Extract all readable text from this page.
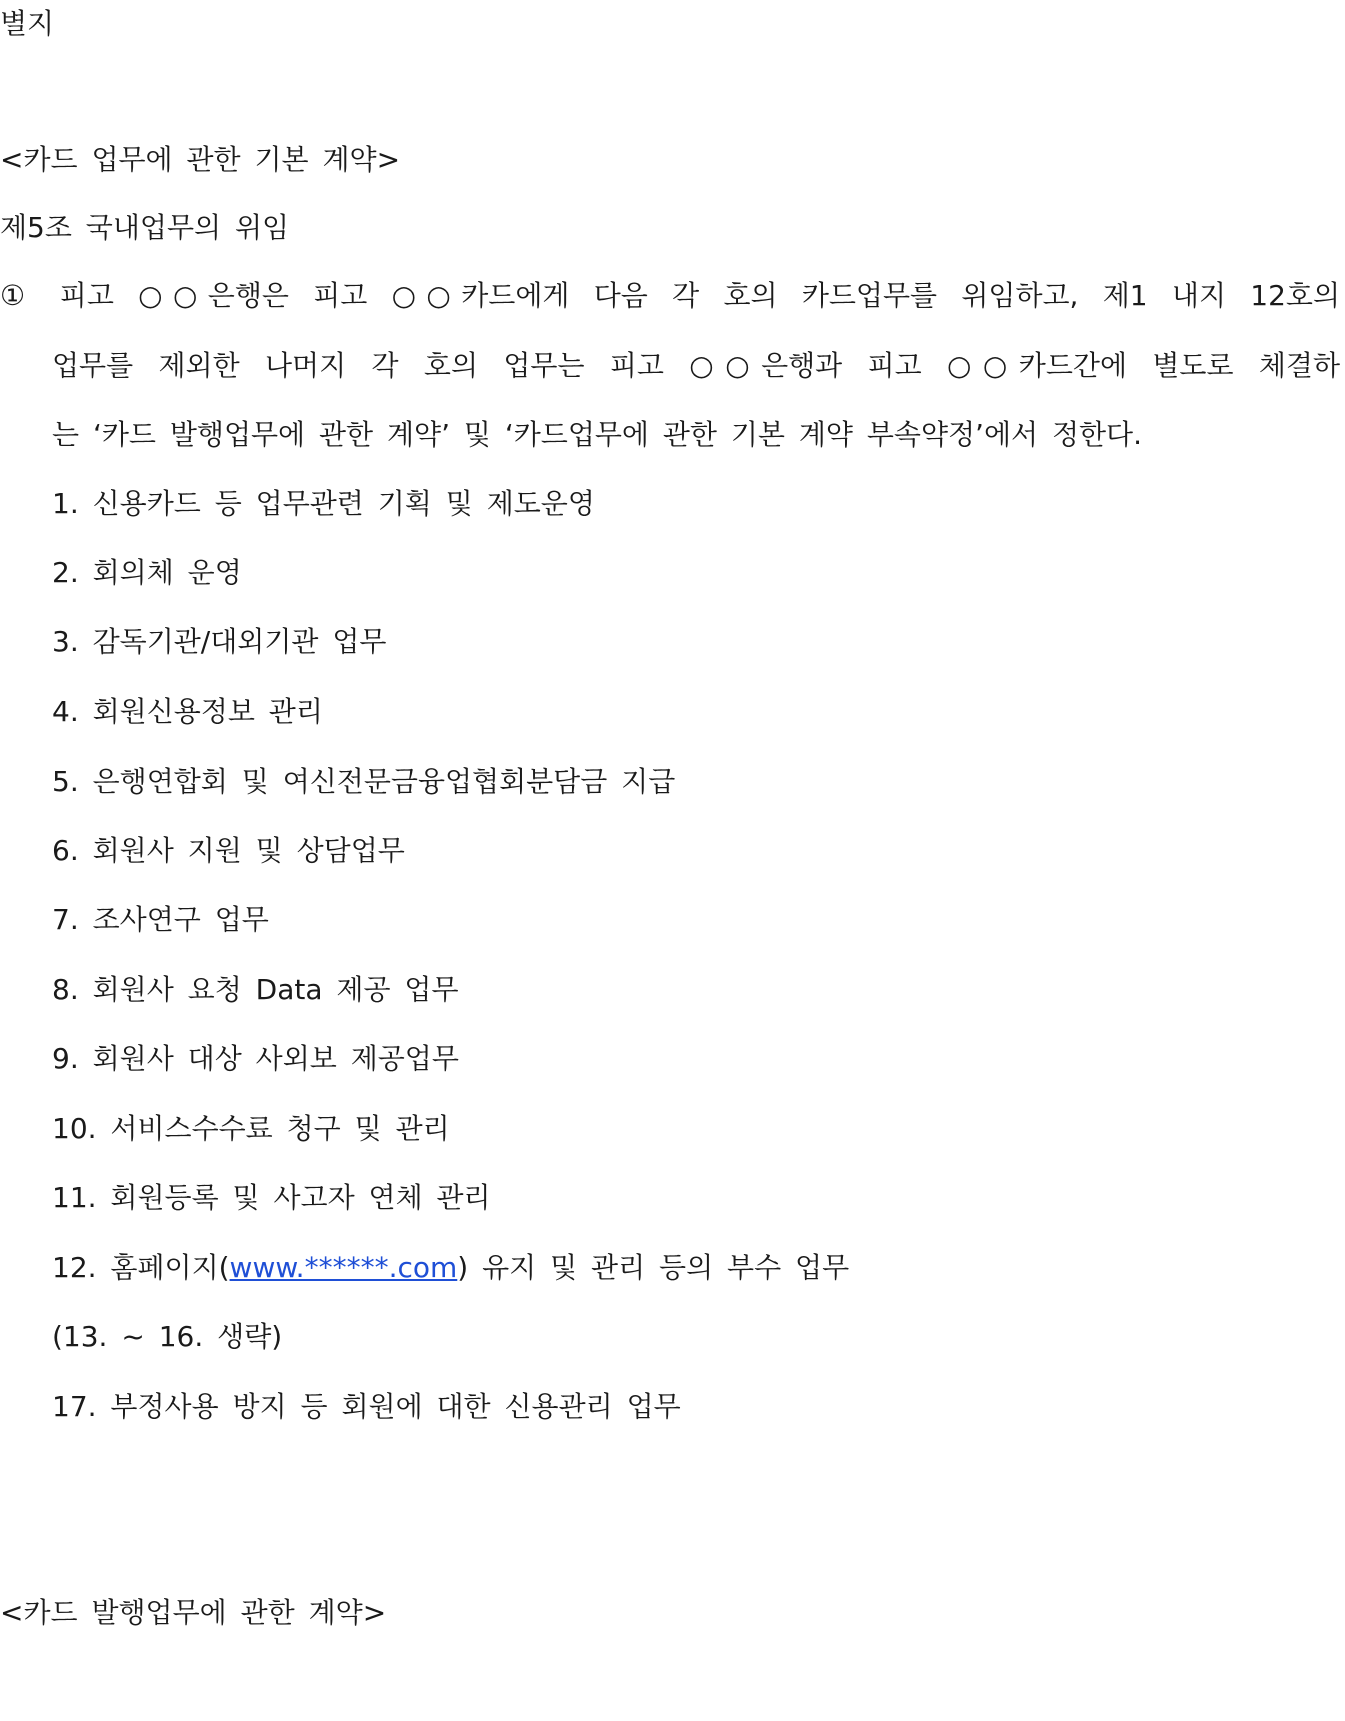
별지
<카드 업무에 관한 기본 계약>
제5조 국내업무의 위임
① 피고 ○○은행은 피고 ○○카드에게 다음 각 호의 카드업무를 위임하고, 제1 내지 12호의
업무를 제외한 나머지 각 호의 업무는 피고 ○○은행과 피고 ○○카드간에 별도로 체결하
는 ‘카드 발행업무에 관한 계약’ 및 ‘카드업무에 관한 기본 계약 부속약정’에서 정한다.
1. 신용카드 등 업무관련 기획 및 제도운영
2. 회의체 운영
3. 감독기관/대외기관 업무
4. 회원신용정보 관리
5. 은행연합회 및 여신전문금융업협회분담금 지급
6. 회원사 지원 및 상담업무
7. 조사연구 업무
8. 회원사 요청 Data 제공 업무
9. 회원사 대상 사외보 제공업무
10. 서비스수수료 청구 및 관리
11. 회원등록 및 사고자 연체 관리
12. 홈페이지(www.******.com) 유지 및 관리 등의 부수 업무
(13. ~ 16. 생략)
17. 부정사용 방지 등 회원에 대한 신용관리 업무
<카드 발행업무에 관한 계약>
